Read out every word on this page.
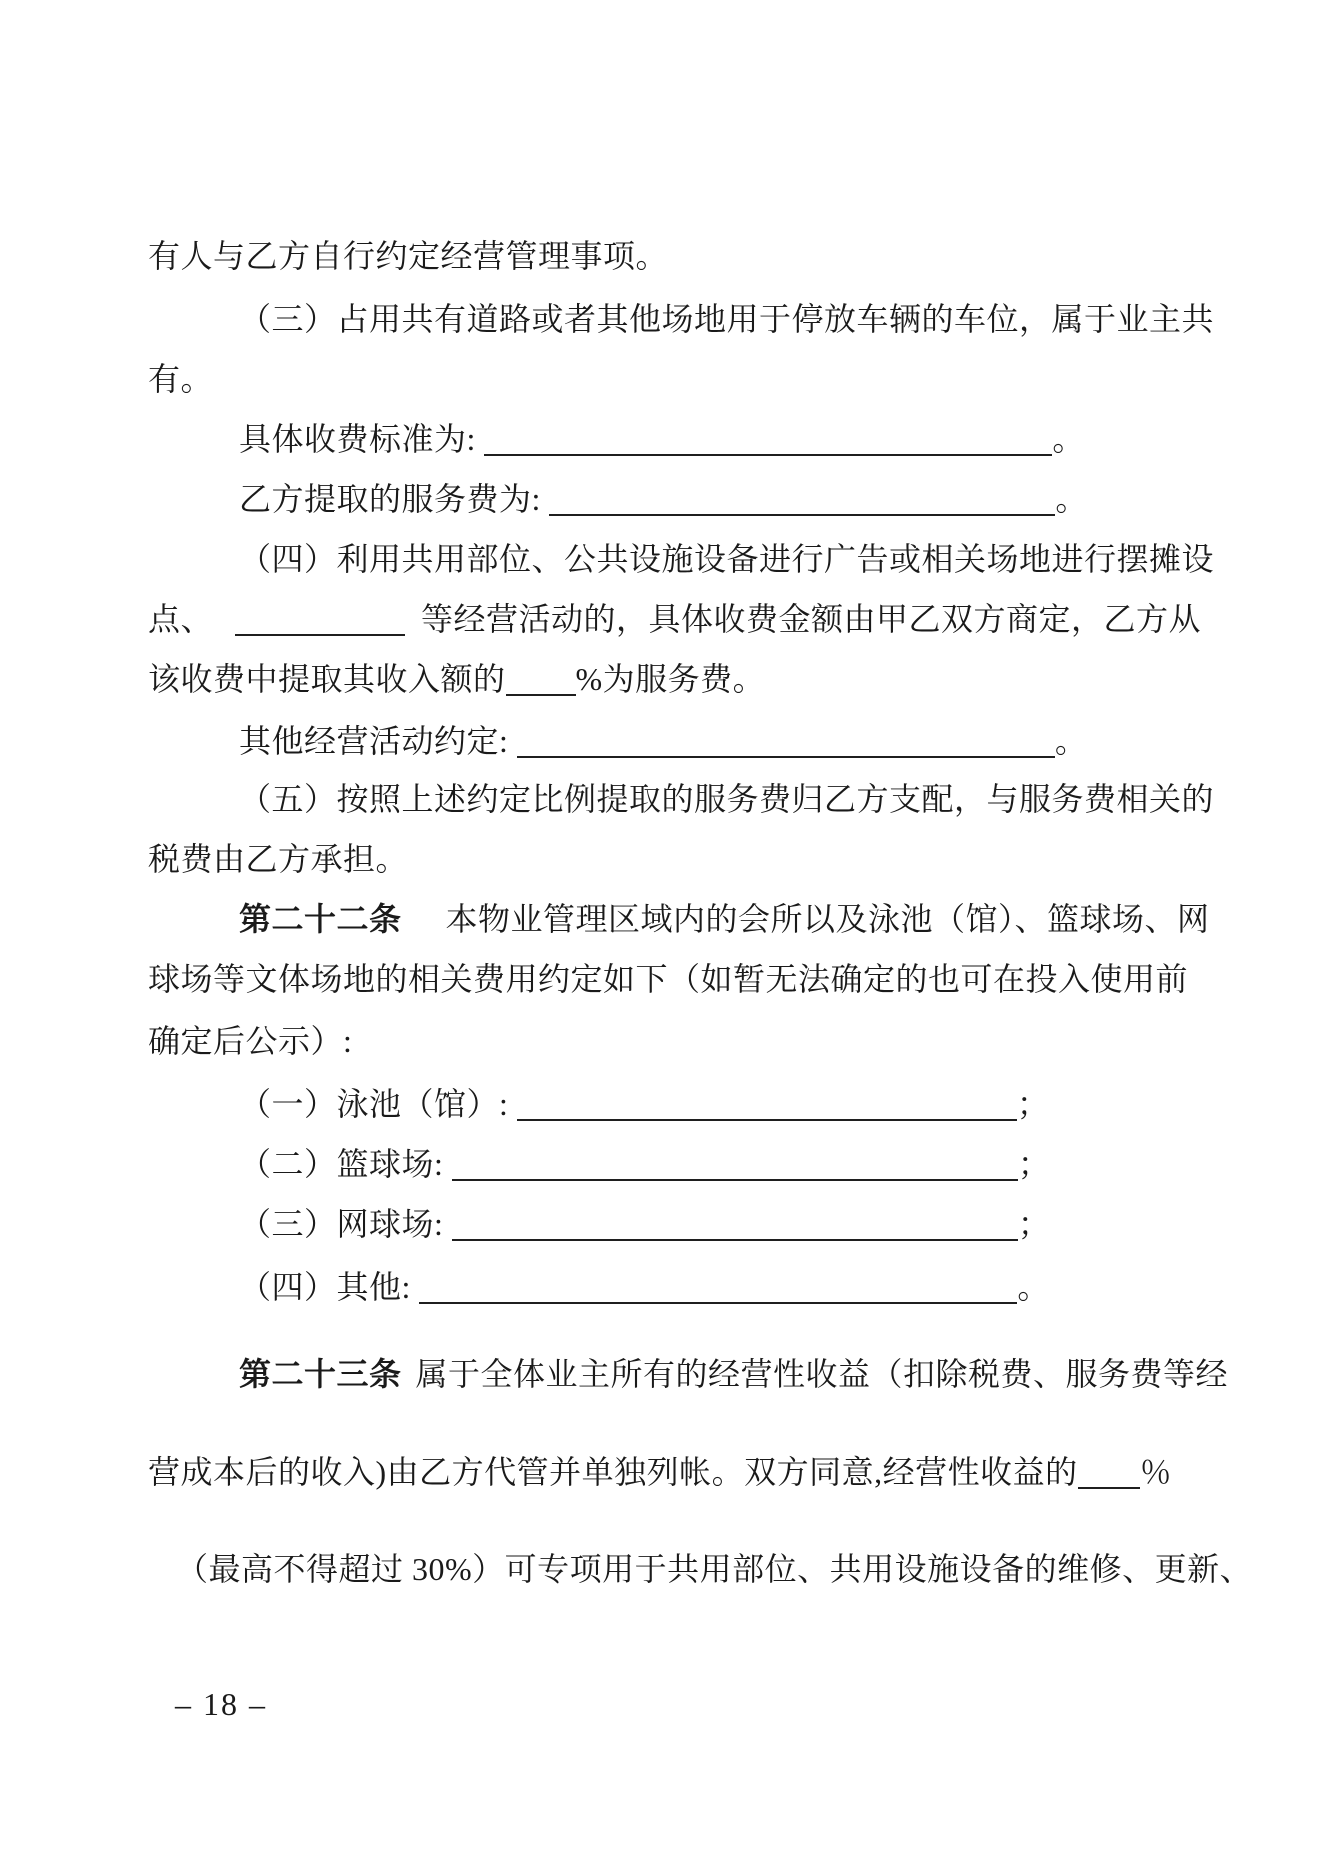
有人与乙方自行约定经营管理事项。
（三）占用共有道路或者其他场地用于停放车辆的车位，属于业主共
有。
具体收费标准为:	。
乙方提取的服务费为:	。
（四）利用共用部位、公共设施设备进行广告或相关场地进行摆摊设
点、	等经营活动的，具体收费金额由甲乙双方商定，乙方从
该收费中提取其收入额的 %为服务费。
其他经营活动约定:	。
（五）按照上述约定比例提取的服务费归乙方支配，与服务费相关的
税费由乙方承担。
第二十二条 本物业管理区域内的会所以及泳池（馆）、篮球场、网
球场等文体场地的相关费用约定如下（如暂无法确定的也可在投入使用前
确定后公示）:
（一）泳池（馆）:	；
（二）篮球场:	；
（三）网球场:	；
（四）其他:	。
第二十三条 属于全体业主所有的经营性收益（扣除税费、服务费等经
营成本后的收入)由乙方代管并单独列帐。双方同意,经营性收益的 ％
（最高不得超过 30%）可专项用于共用部位、共用设施设备的维修、更新、
– 18 –
